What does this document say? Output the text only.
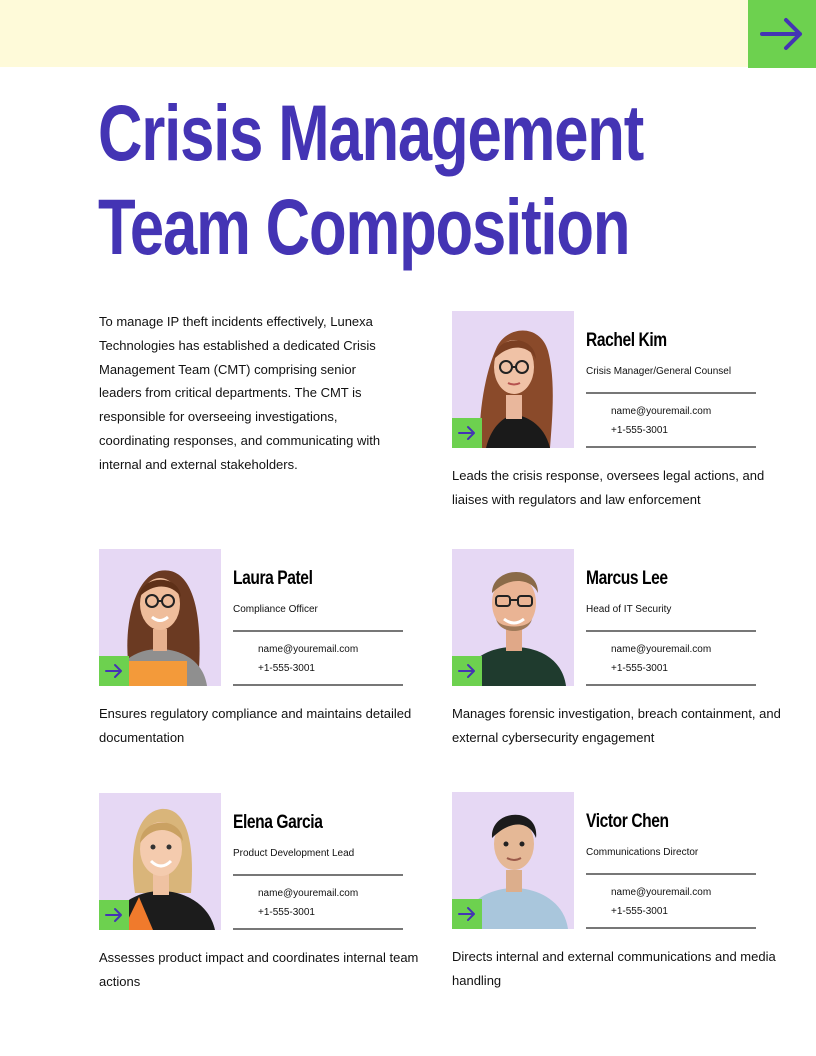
Crisis Management
Team Composition

To manage IP theft incidents effectively, Lunexa Technologies has established a dedicated Crisis Management Team (CMT) comprising senior leaders from critical departments. The CMT is responsible for overseeing investigations, coordinating responses, and communicating with internal and external stakeholders.

Rachel Kim
Crisis Manager/General Counsel
name@youremail.com
+1-555-3001
Leads the crisis response, oversees legal actions, and liaises with regulators and law enforcement
Laura Patel
Compliance Officer
name@youremail.com
+1-555-3001
Ensures regulatory compliance and maintains detailed documentation
Marcus Lee
Head of IT Security
name@youremail.com
+1-555-3001
Manages forensic investigation, breach containment, and external cybersecurity engagement
Elena Garcia
Product Development Lead
name@youremail.com
+1-555-3001
Assesses product impact and coordinates internal team actions
Victor Chen
Communications Director
name@youremail.com
+1-555-3001
Directs internal and external communications and media handling
